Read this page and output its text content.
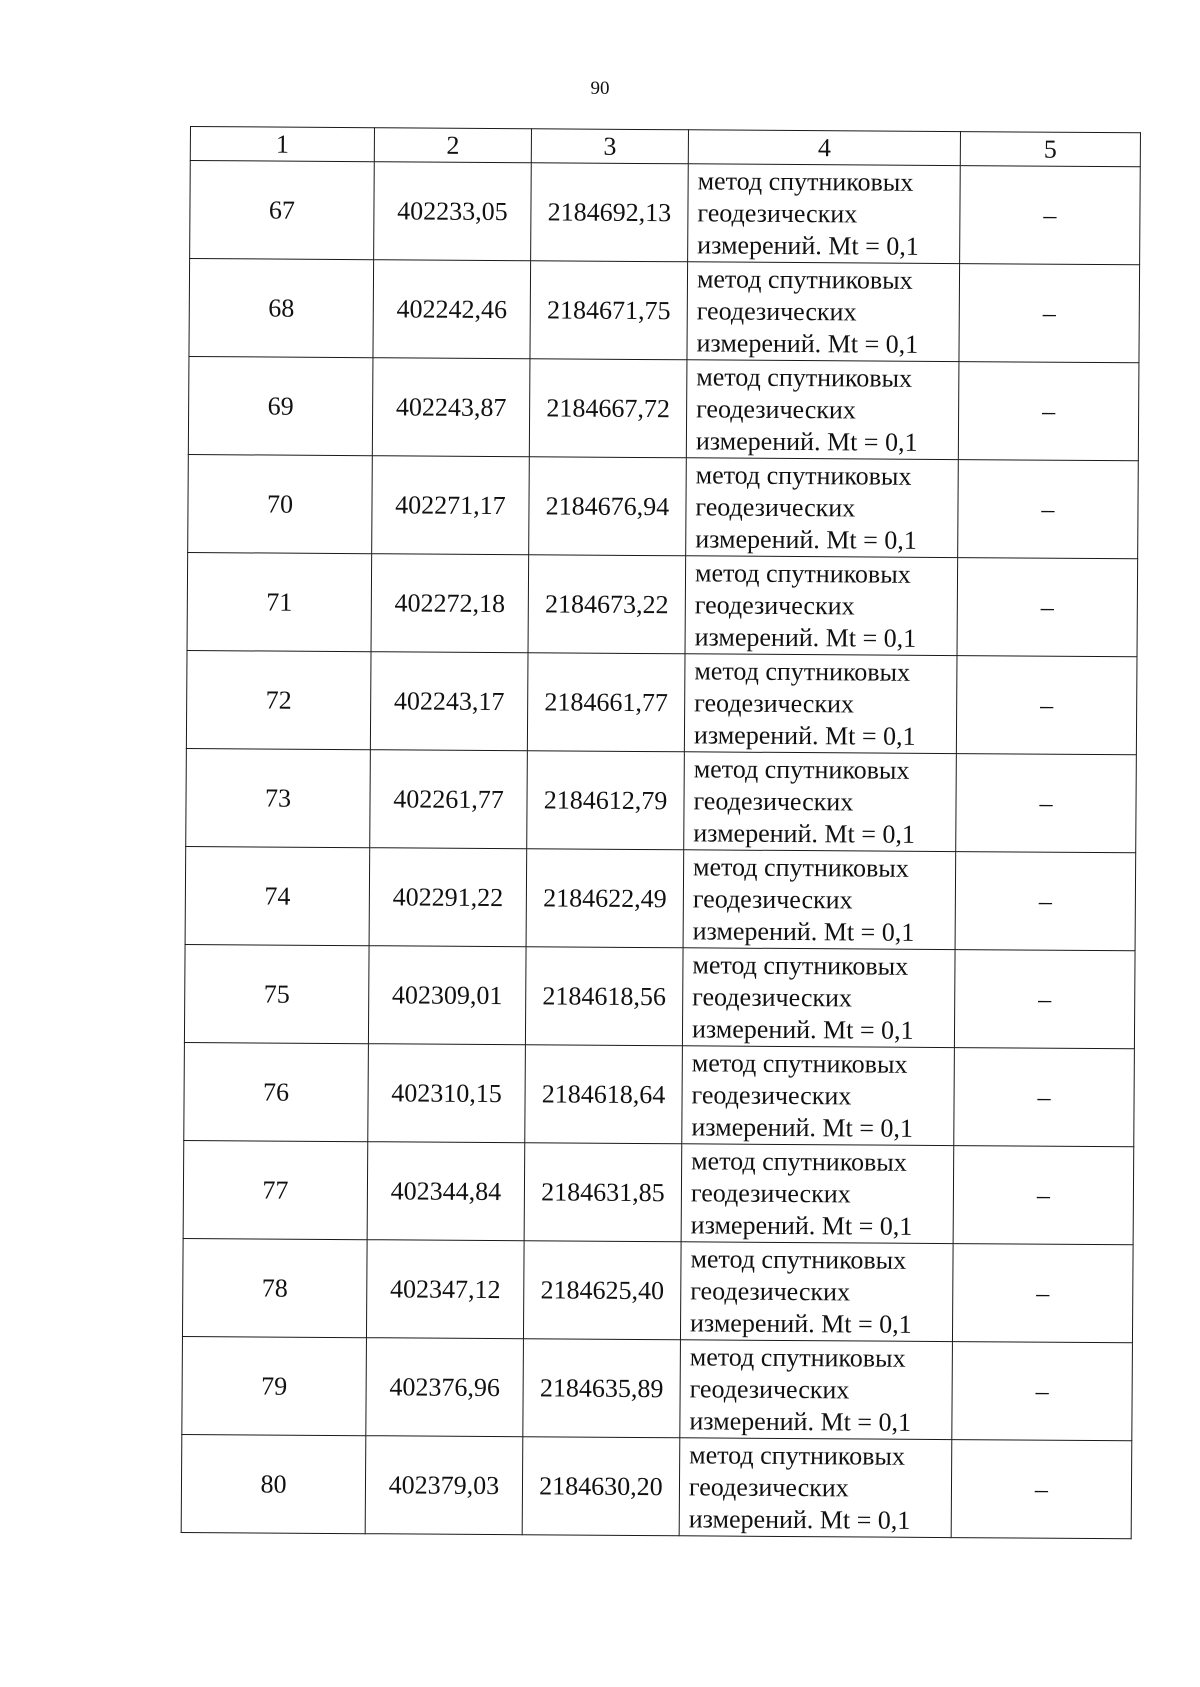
90
1	2	3	4	5
67	402233,05	2184692,13	метод спутниковых
геодезических
измерений. Mt = 0,1	–
68	402242,46	2184671,75	метод спутниковых
геодезических
измерений. Mt = 0,1	–
69	402243,87	2184667,72	метод спутниковых
геодезических
измерений. Mt = 0,1	–
70	402271,17	2184676,94	метод спутниковых
геодезических
измерений. Mt = 0,1	–
71	402272,18	2184673,22	метод спутниковых
геодезических
измерений. Mt = 0,1	–
72	402243,17	2184661,77	метод спутниковых
геодезических
измерений. Mt = 0,1	–
73	402261,77	2184612,79	метод спутниковых
геодезических
измерений. Mt = 0,1	–
74	402291,22	2184622,49	метод спутниковых
геодезических
измерений. Mt = 0,1	–
75	402309,01	2184618,56	метод спутниковых
геодезических
измерений. Mt = 0,1	–
76	402310,15	2184618,64	метод спутниковых
геодезических
измерений. Mt = 0,1	–
77	402344,84	2184631,85	метод спутниковых
геодезических
измерений. Mt = 0,1	–
78	402347,12	2184625,40	метод спутниковых
геодезических
измерений. Mt = 0,1	–
79	402376,96	2184635,89	метод спутниковых
геодезических
измерений. Mt = 0,1	–
80	402379,03	2184630,20	метод спутниковых
геодезических
измерений. Mt = 0,1	–
